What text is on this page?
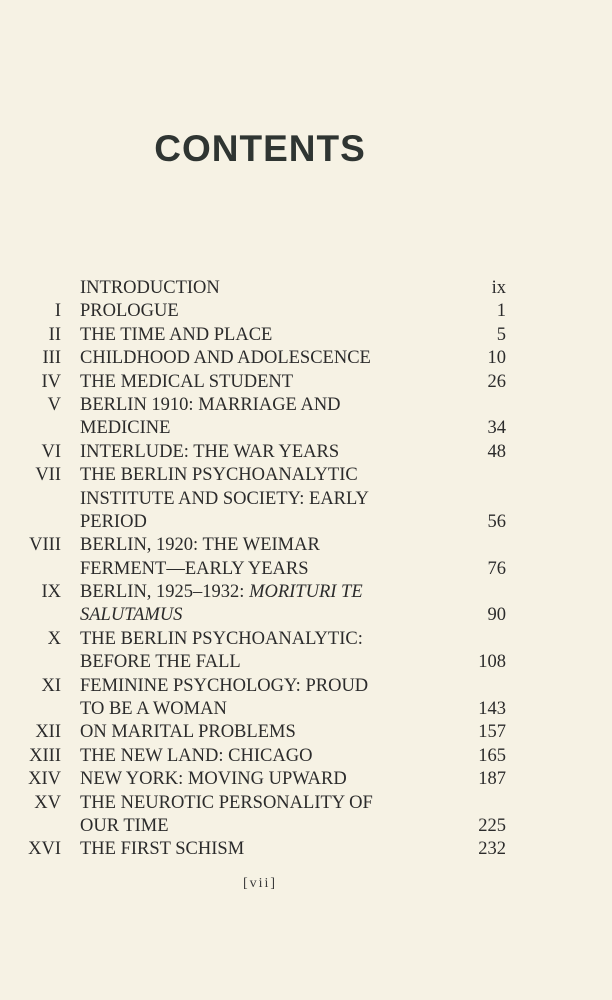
CONTENTS
INTRODUCTION	ix
I PROLOGUE	1
II THE TIME AND PLACE	5
III CHILDHOOD AND ADOLESCENCE	10
IV THE MEDICAL STUDENT	26
V BERLIN 1910: MARRIAGE AND
MEDICINE	34
VI INTERLUDE: THE WAR YEARS	48
VII THE BERLIN PSYCHOANALYTIC
INSTITUTE AND SOCIETY: EARLY
PERIOD	56
VIII BERLIN, 1920: THE WEIMAR
FERMENT—EARLY YEARS	76
IX BERLIN, 1925–1932: MORITURI TE
SALUTAMUS	90
X THE BERLIN PSYCHOANALYTIC:
BEFORE THE FALL	108
XI FEMININE PSYCHOLOGY: PROUD
TO BE A WOMAN	143
XII ON MARITAL PROBLEMS	157
XIII THE NEW LAND: CHICAGO	165
XIV NEW YORK: MOVING UPWARD	187
XV THE NEUROTIC PERSONALITY OF
OUR TIME	225
XVI THE FIRST SCHISM	232
[vii]
